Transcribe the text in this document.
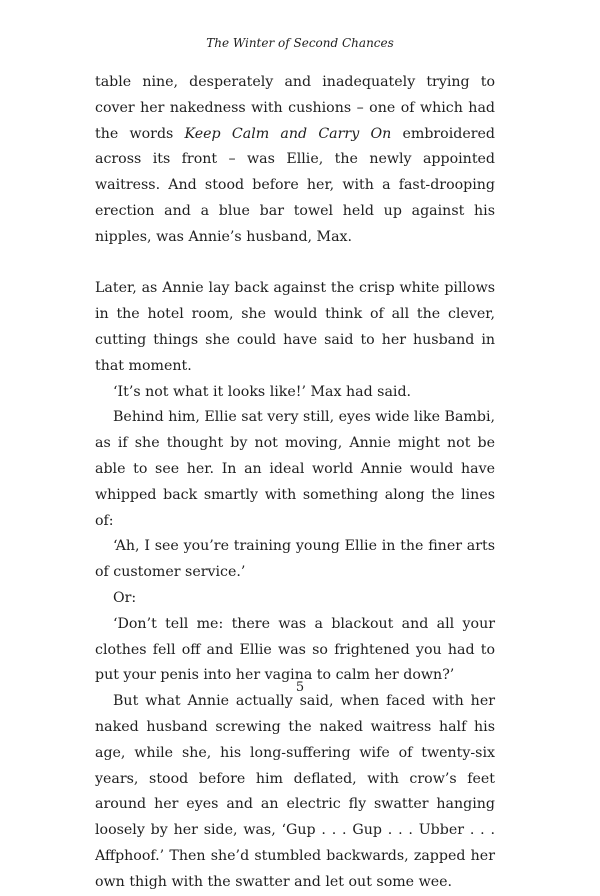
The Winter of Second Chances

table nine, desperately and inadequately trying to cover her nakedness with cushions – one of which had the words Keep Calm and Carry On embroidered across its front – was Ellie, the newly appointed waitress. And stood before her, with a fast-drooping erection and a blue bar towel held up against his nipples, was Annie’s husband, Max.

Later, as Annie lay back against the crisp white pillows in the hotel room, she would think of all the clever, cutting things she could have said to her husband in that moment.

‘It’s not what it looks like!’ Max had said.

Behind him, Ellie sat very still, eyes wide like Bambi, as if she thought by not moving, Annie might not be able to see her. In an ideal world Annie would have whipped back smartly with something along the lines of:

‘Ah, I see you’re training young Ellie in the finer arts of customer service.’

Or:

‘Don’t tell me: there was a blackout and all your clothes fell off and Ellie was so frightened you had to put your penis into her vagina to calm her down?’

But what Annie actually said, when faced with her naked husband screwing the naked waitress half his age, while she, his long-suffering wife of twenty-six years, stood before him deflated, with crow’s feet around her eyes and an electric fly swatter hanging loosely by her side, was, ‘Gup . . . Gup . . . Ubber . . . Affphoof.’ Then she’d stumbled backwards, zapped her own thigh with the swatter and let out some wee.

5
